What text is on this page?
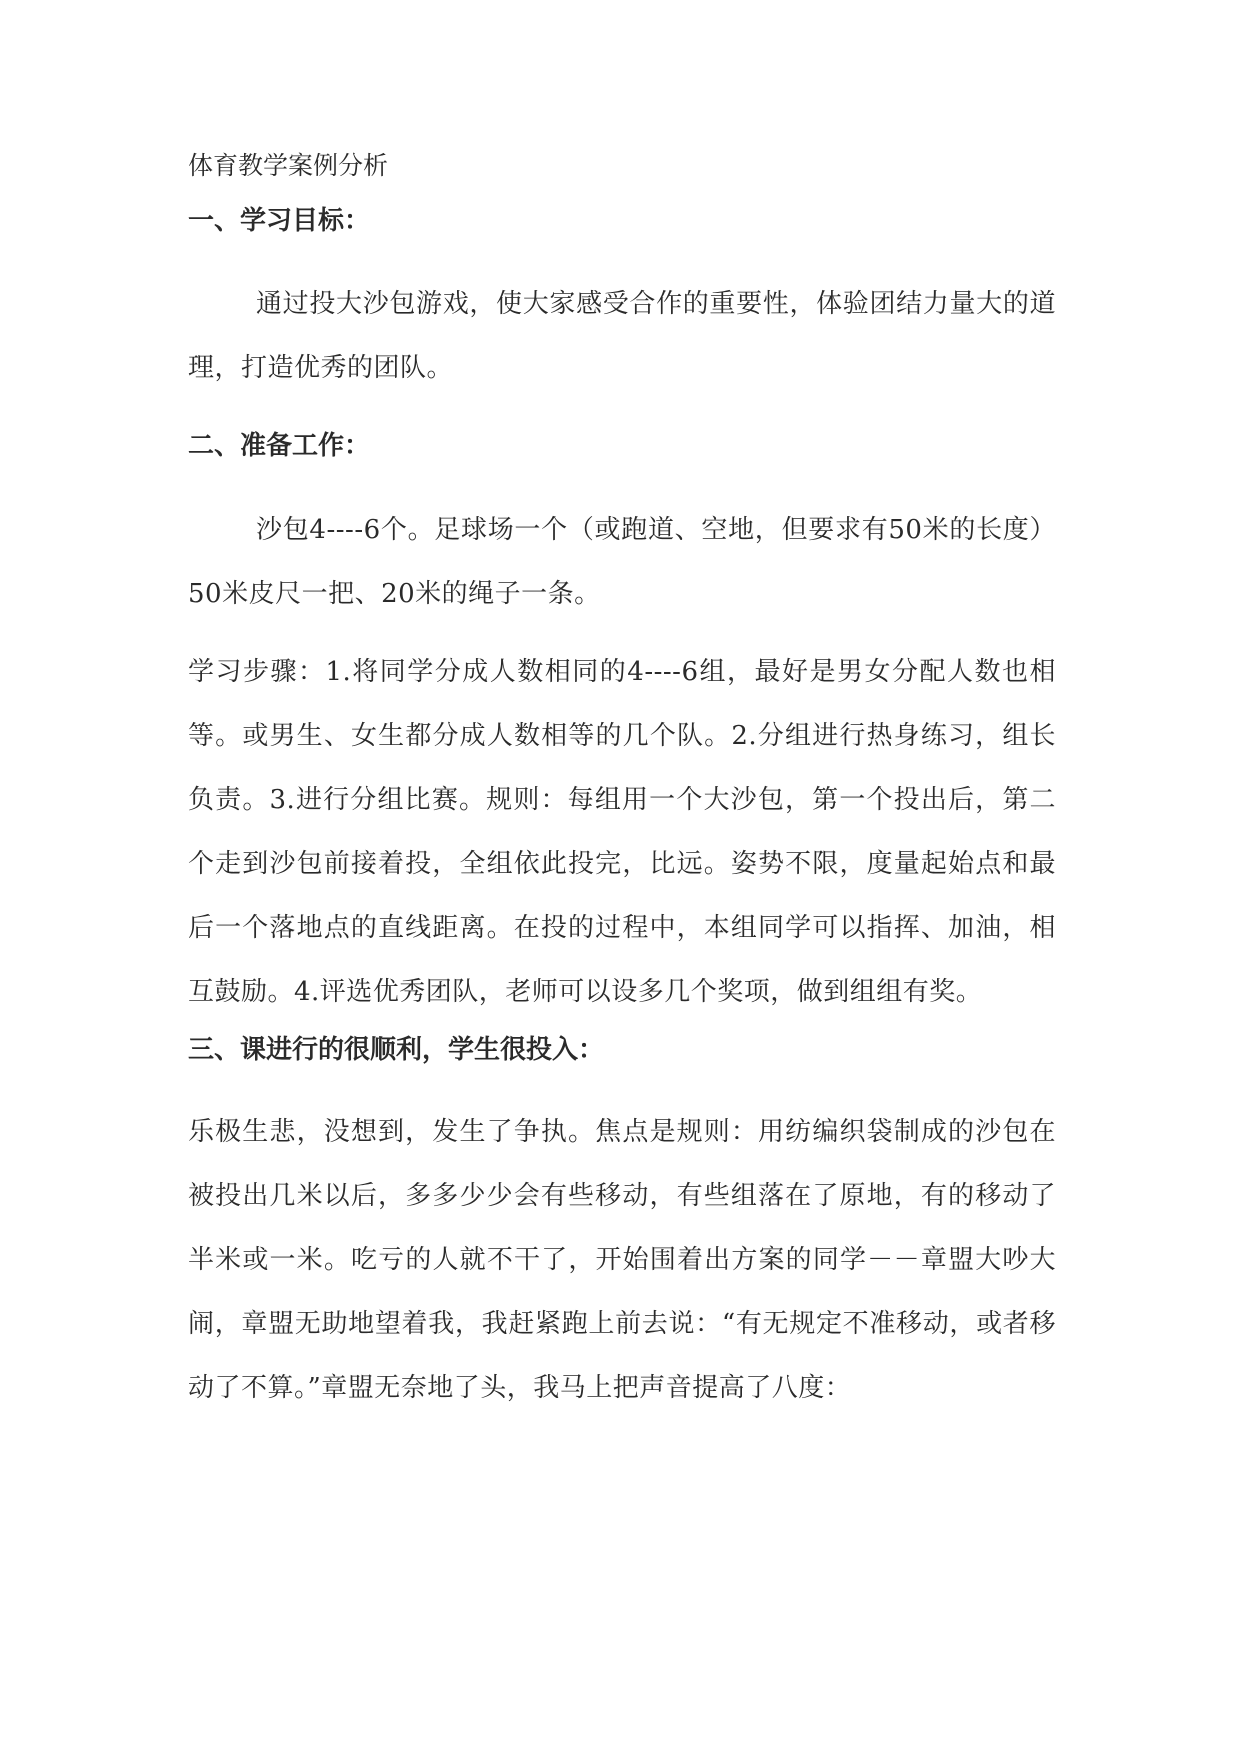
体育教学案例分析
一、学习目标：
通过投大沙包游戏，使大家感受合作的重要性，体验团结力量大的道理，打造优秀的团队。
二、准备工作：
沙包4----6个。足球场一个（或跑道、空地，但要求有50米的长度）50米皮尺一把、20米的绳子一条。
学习步骤：1.将同学分成人数相同的4----6组，最好是男女分配人数也相等。或男生、女生都分成人数相等的几个队。2.分组进行热身练习，组长负责。3.进行分组比赛。规则：每组用一个大沙包，第一个投出后，第二个走到沙包前接着投，全组依此投完，比远。姿势不限，度量起始点和最后一个落地点的直线距离。在投的过程中，本组同学可以指挥、加油，相互鼓励。4.评选优秀团队，老师可以设多几个奖项，做到组组有奖。
三、课进行的很顺利，学生很投入：
乐极生悲，没想到，发生了争执。焦点是规则：用纺编织袋制成的沙包在被投出几米以后，多多少少会有些移动，有些组落在了原地，有的移动了半米或一米。吃亏的人就不干了，开始围着出方案的同学－－章盟大吵大闹，章盟无助地望着我，我赶紧跑上前去说：“有无规定不准移动，或者移动了不算。”章盟无奈地了头，我马上把声音提高了八度：
